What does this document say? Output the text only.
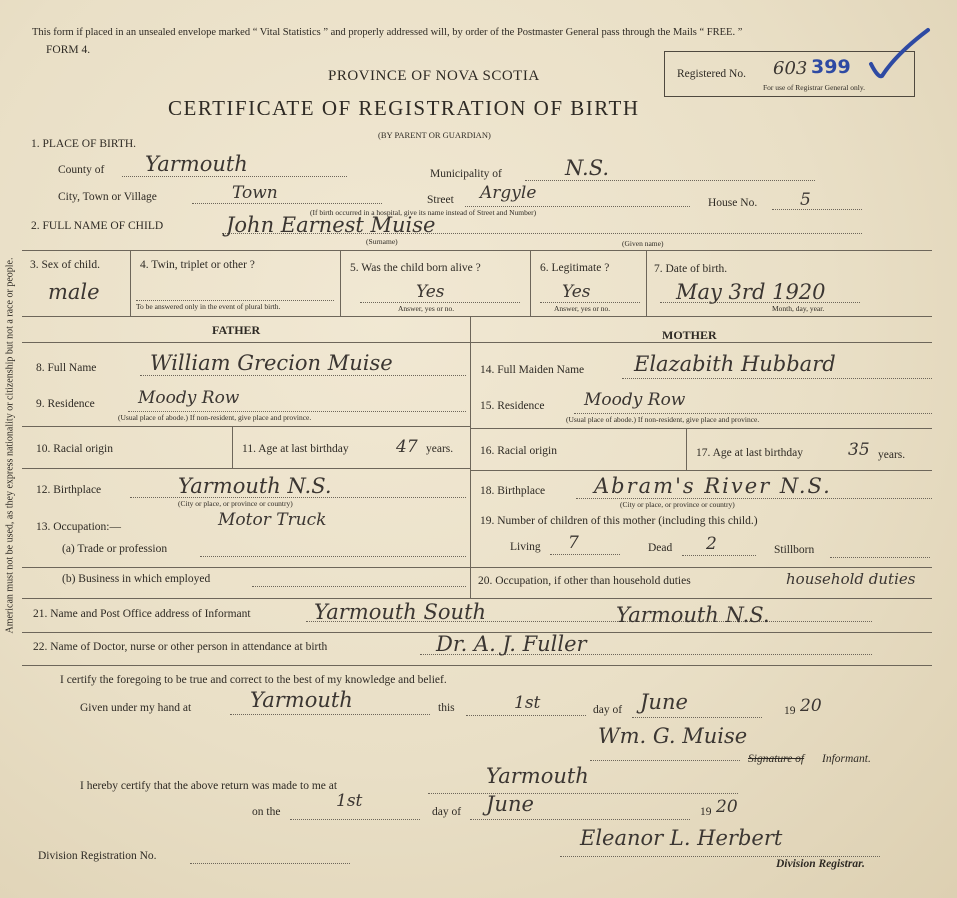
American must not be used, as they express nationality or citizenship but not a race or people.
This form if placed in an unsealed envelope marked “ Vital Statistics ” and properly addressed will, by order of the Postmaster General pass through the Mails “ FREE. ”
FORM 4.
Registered No. 603 399
For use of Registrar General only.
PROVINCE OF NOVA SCOTIA
CERTIFICATE OF REGISTRATION OF BIRTH
(BY PARENT OR GUARDIAN)
1. PLACE OF BIRTH.
County of Yarmouth	Municipality of	N.S.
City, Town or Village	Town	Street Argyle
(If birth occurred in a hospital, give its name instead of Street and Number)
House No.	5
2. FULL NAME OF CHILD	John Earnest Muise
(Surname)	(Given name)
3. Sex of child.
male
4. Twin, triplet or other ?
To be answered only in the event of plural birth.
5. Was the child born alive ?
Yes
Answer, yes or no.
6. Legitimate ?
Yes
Answer, yes or no.
7. Date of birth.
May 3rd 1920
Month, day, year.
FATHER	MOTHER
8. Full Name	William Grecion Muise
9. Residence	Moody Row
(Usual place of abode.) If non-resident, give place and province.
10. Racial origin	11. Age at last birthday	47 years.
12. Birthplace	Yarmouth N.S.
(City or place, or province or country)
13. Occupation:—	Motor Truck
(a) Trade or profession
(b) Business in which employed
14. Full Maiden Name Elazabith Hubbard
15. Residence Moody Row
(Usual place of abode.) If non-resident, give place and province.
16. Racial origin	17. Age at last birthday	35 years.
18. Birthplace Abram's River N.S.
(City or place, or province or country)
19. Number of children of this mother (including this child.)
Living 7	Dead 2	Stillborn
20. Occupation, if other than household duties	household duties
21. Name and Post Office address of Informant	Yarmouth South	Yarmouth N.S.
22. Name of Doctor, nurse or other person in attendance at birth	Dr. A. J. Fuller
I certify the foregoing to be true and correct to the best of my knowledge and belief.
Given under my hand at	Yarmouth	this	1st	day of June	19 20
Wm. G. Muise
Signature of Informant.
I hereby certify that the above return was made to me at	Yarmouth
on the
1st
day of June	19 20
Eleanor L. Herbert
Division Registration No.
Division Registrar.
